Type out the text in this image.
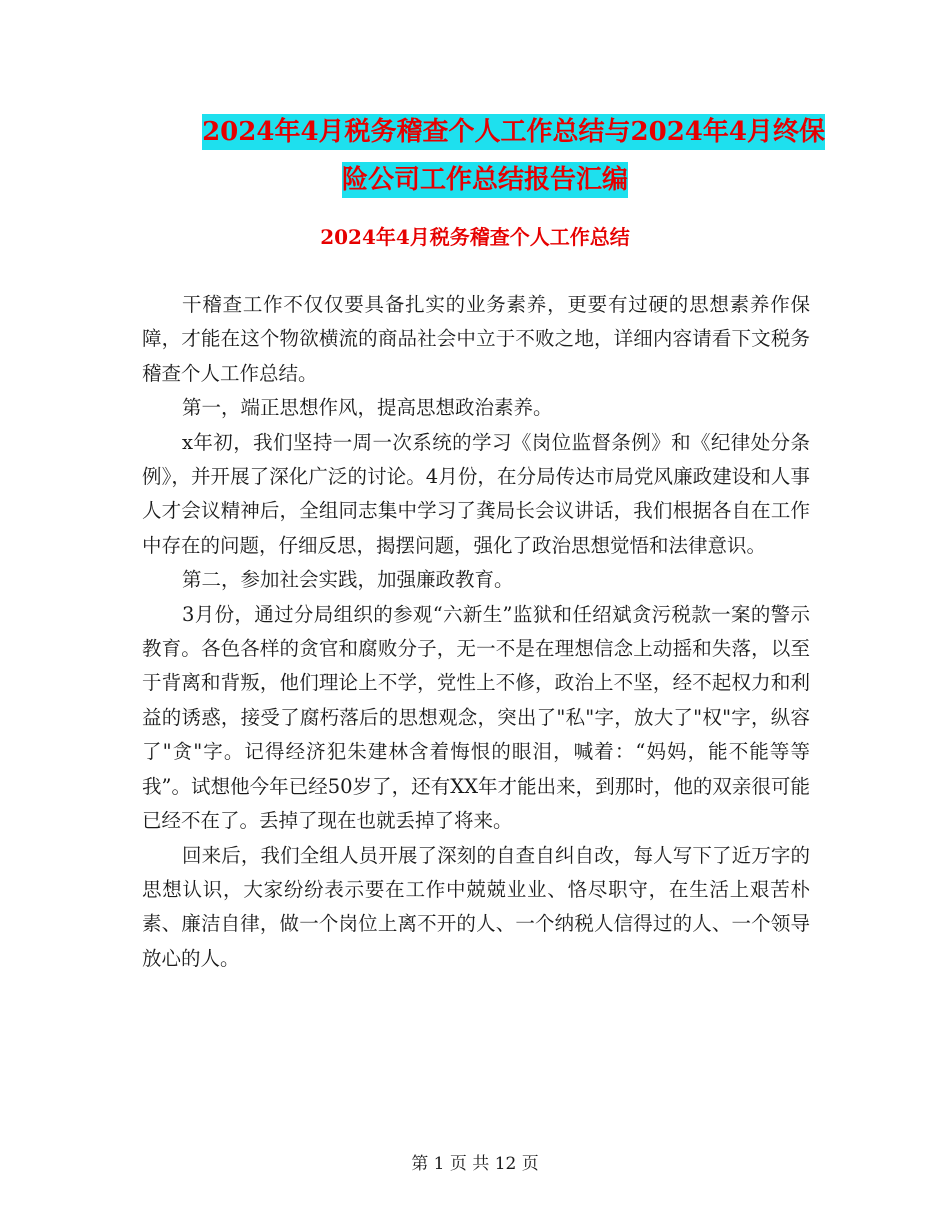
2024年4月税务稽查个人工作总结与2024年4月终保
险公司工作总结报告汇编
2024年4月税务稽查个人工作总结

干稽查工作不仅仅要具备扎实的业务素养，更要有过硬的思想素养作保障，才能在这个物欲横流的商品社会中立于不败之地，详细内容请看下文税务稽查个人工作总结。

第一，端正思想作风，提高思想政治素养。

x年初，我们坚持一周一次系统的学习《岗位监督条例》和《纪律处分条例》，并开展了深化广泛的讨论。4月份，在分局传达市局党风廉政建设和人事人才会议精神后，全组同志集中学习了龚局长会议讲话，我们根据各自在工作中存在的问题，仔细反思，揭摆问题，强化了政治思想觉悟和法律意识。

第二，参加社会实践，加强廉政教育。

3月份，通过分局组织的参观“六新生”监狱和任绍斌贪污税款一案的警示教育。各色各样的贪官和腐败分子，无一不是在理想信念上动摇和失落，以至于背离和背叛，他们理论上不学，党性上不修，政治上不坚，经不起权力和利益的诱惑，接受了腐朽落后的思想观念，突出了"私"字，放大了"权"字，纵容了"贪"字。记得经济犯朱建林含着悔恨的眼泪，喊着：“妈妈，能不能等等我”。试想他今年已经50岁了，还有XX年才能出来，到那时，他的双亲很可能已经不在了。丢掉了现在也就丢掉了将来。

回来后，我们全组人员开展了深刻的自查自纠自改，每人写下了近万字的思想认识，大家纷纷表示要在工作中兢兢业业、恪尽职守，在生活上艰苦朴素、廉洁自律，做一个岗位上离不开的人、一个纳税人信得过的人、一个领导放心的人。

第 1 页 共 12 页
